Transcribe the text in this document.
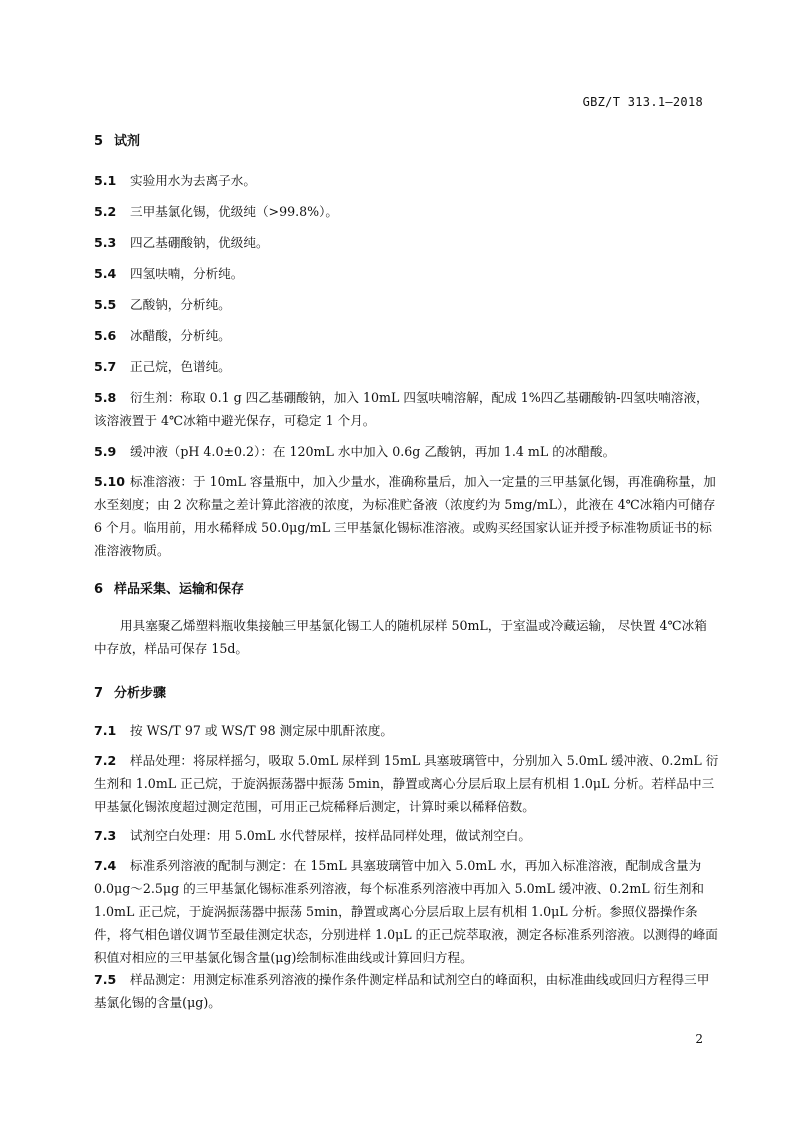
GBZ/T 313.1—2018
5 试剂
5.1 实验用水为去离子水。
5.2 三甲基氯化锡，优级纯（>99.8%）。
5.3 四乙基硼酸钠，优级纯。
5.4 四氢呋喃，分析纯。
5.5 乙酸钠，分析纯。
5.6 冰醋酸，分析纯。
5.7 正己烷，色谱纯。
5.8 衍生剂：称取 0.1 g 四乙基硼酸钠，加入 10mL 四氢呋喃溶解，配成 1%四乙基硼酸钠-四氢呋喃溶液，该溶液置于 4℃冰箱中避光保存，可稳定 1 个月。
5.9 缓冲液（pH 4.0±0.2）：在 120mL 水中加入 0.6g 乙酸钠，再加 1.4 mL 的冰醋酸。
5.10 标准溶液：于 10mL 容量瓶中，加入少量水，准确称量后，加入一定量的三甲基氯化锡，再准确称量，加水至刻度；由 2 次称量之差计算此溶液的浓度，为标准贮备液（浓度约为 5mg/mL），此液在 4℃冰箱内可储存 6 个月。临用前，用水稀释成 50.0μg/mL 三甲基氯化锡标准溶液。或购买经国家认证并授予标准物质证书的标准溶液物质。
6 样品采集、运输和保存
用具塞聚乙烯塑料瓶收集接触三甲基氯化锡工人的随机尿样 50mL，于室温或冷藏运输， 尽快置 4℃冰箱中存放，样品可保存 15d。
7 分析步骤
7.1 按 WS/T 97 或 WS/T 98 测定尿中肌酐浓度。
7.2 样品处理：将尿样摇匀，吸取 5.0mL 尿样到 15mL 具塞玻璃管中，分别加入 5.0mL 缓冲液、0.2mL 衍生剂和 1.0mL 正己烷，于旋涡振荡器中振荡 5min，静置或离心分层后取上层有机相 1.0μL 分析。若样品中三甲基氯化锡浓度超过测定范围，可用正己烷稀释后测定，计算时乘以稀释倍数。
7.3 试剂空白处理：用 5.0mL 水代替尿样，按样品同样处理，做试剂空白。
7.4 标准系列溶液的配制与测定：在 15mL 具塞玻璃管中加入 5.0mL 水，再加入标准溶液，配制成含量为 0.0μg～2.5μg 的三甲基氯化锡标准系列溶液，每个标准系列溶液中再加入 5.0mL 缓冲液、0.2mL 衍生剂和 1.0mL 正己烷，于旋涡振荡器中振荡 5min，静置或离心分层后取上层有机相 1.0μL 分析。参照仪器操作条件，将气相色谱仪调节至最佳测定状态，分别进样 1.0μL 的正己烷萃取液，测定各标准系列溶液。以测得的峰面积值对相应的三甲基氯化锡含量(μg)绘制标准曲线或计算回归方程。
7.5 样品测定：用测定标准系列溶液的操作条件测定样品和试剂空白的峰面积，由标准曲线或回归方程得三甲基氯化锡的含量(μg)。
2
